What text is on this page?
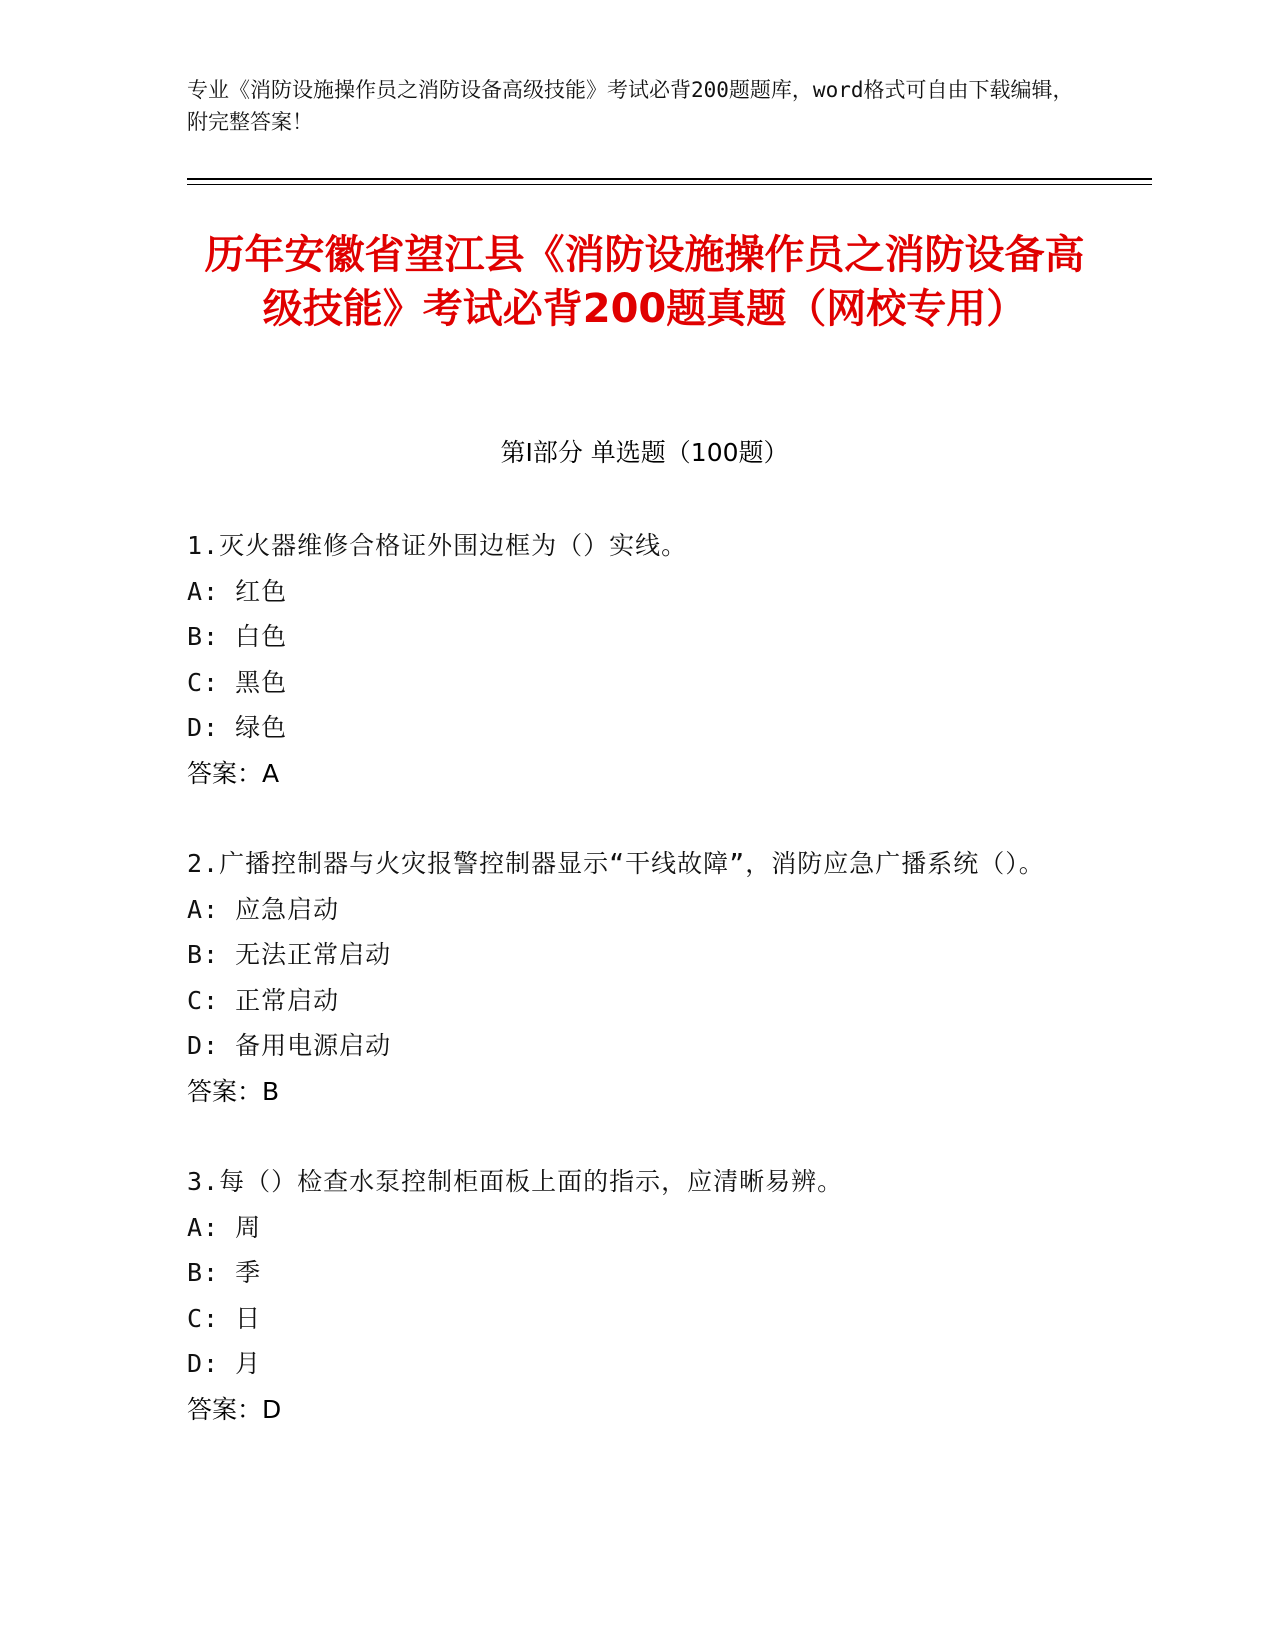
专业《消防设施操作员之消防设备高级技能》考试必背200题题库，word格式可自由下载编辑，附完整答案！
历年安徽省望江县《消防设施操作员之消防设备高级技能》考试必背200题真题（网校专用）
第Ⅰ部分 单选题（100题）
1.灭火器维修合格证外围边框为（）实线。
A: 红色
B: 白色
C: 黑色
D: 绿色
答案：A
2.广播控制器与火灾报警控制器显示“干线故障”，消防应急广播系统（）。
A: 应急启动
B: 无法正常启动
C: 正常启动
D: 备用电源启动
答案：B
3.每（）检查水泵控制柜面板上面的指示，应清晰易辨。
A: 周
B: 季
C: 日
D: 月
答案：D
